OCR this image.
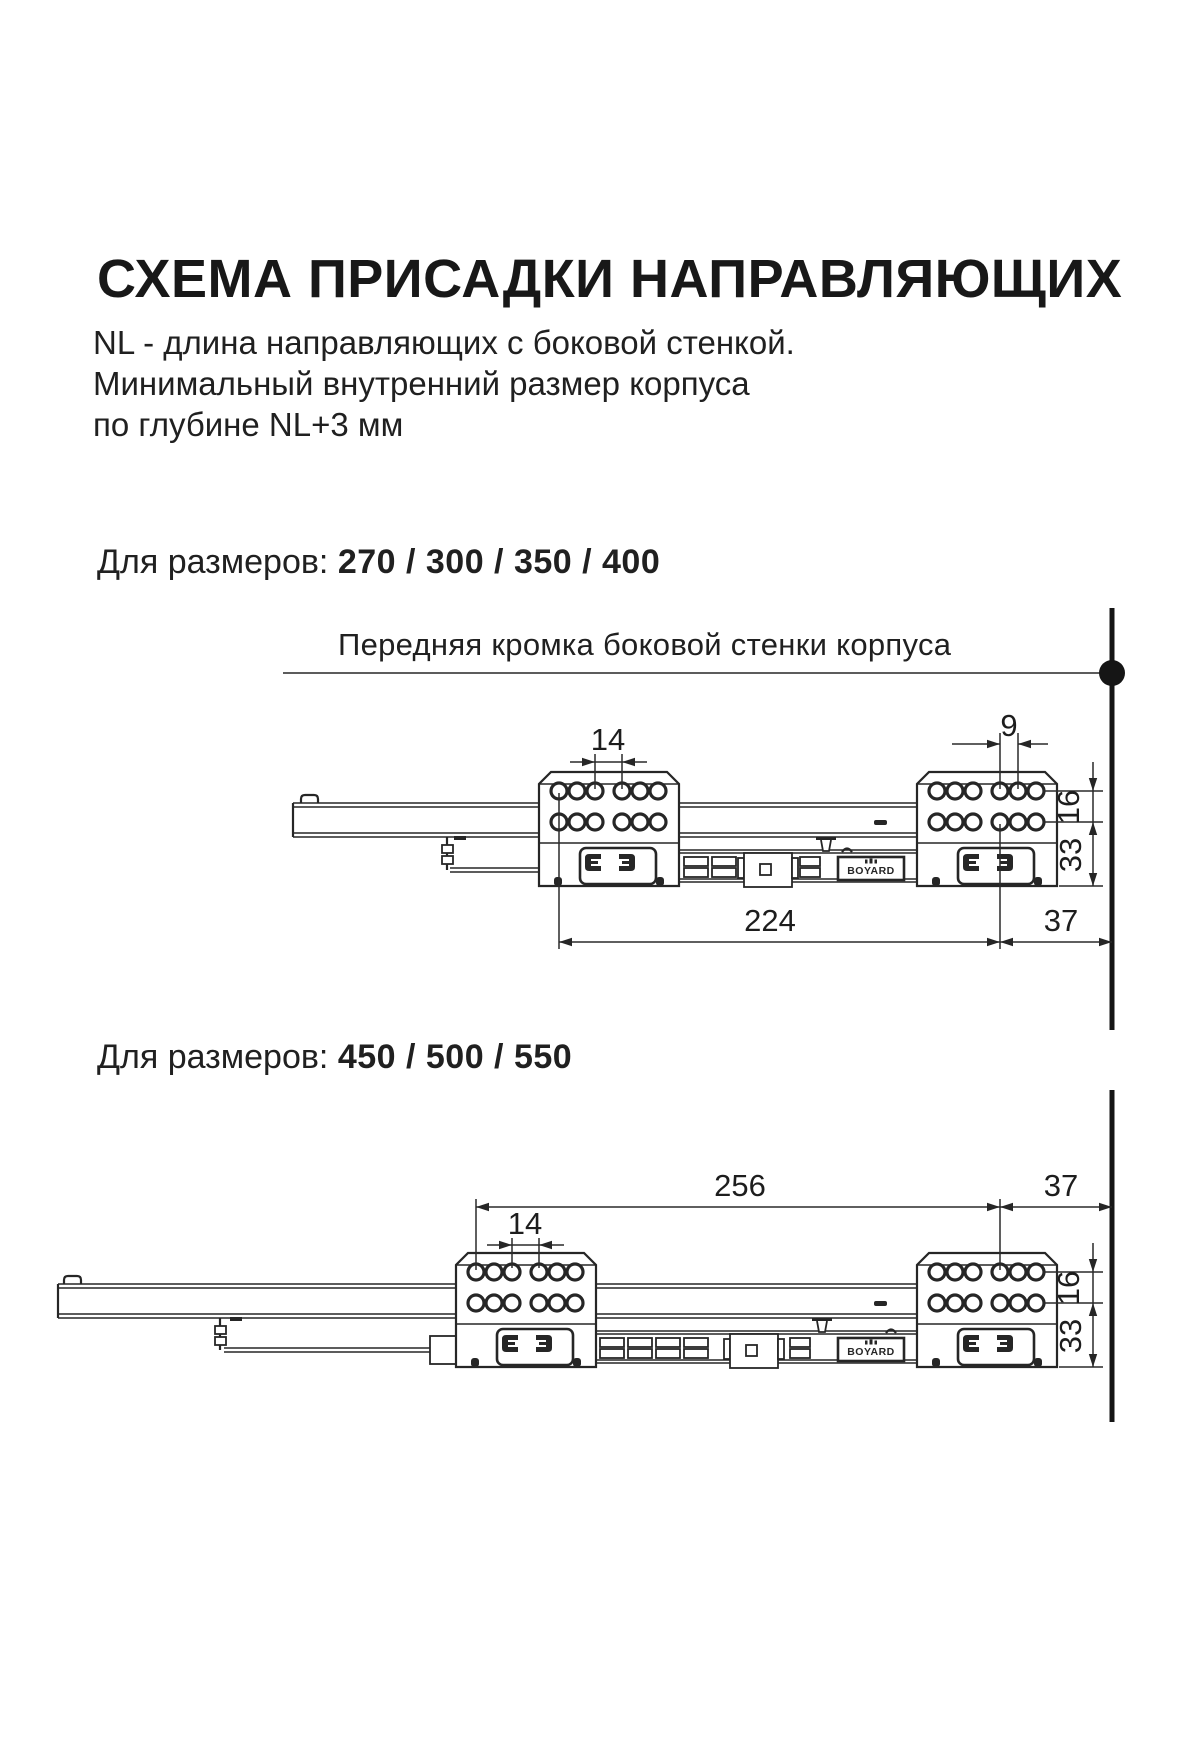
СХЕМА ПРИСАДКИ НАПРАВЛЯЮЩИХ
NL - длина направляющих с боковой стенкой.
Минимальный внутренний размер корпуса
по глубине NL+3 мм
Для размеров: 270 / 300 / 350 / 400
Передняя кромка боковой стенки корпуса
Для размеров: 450 / 500 / 550
BOYARD
14	9
16
33
224	37
256	37
14
16
33
